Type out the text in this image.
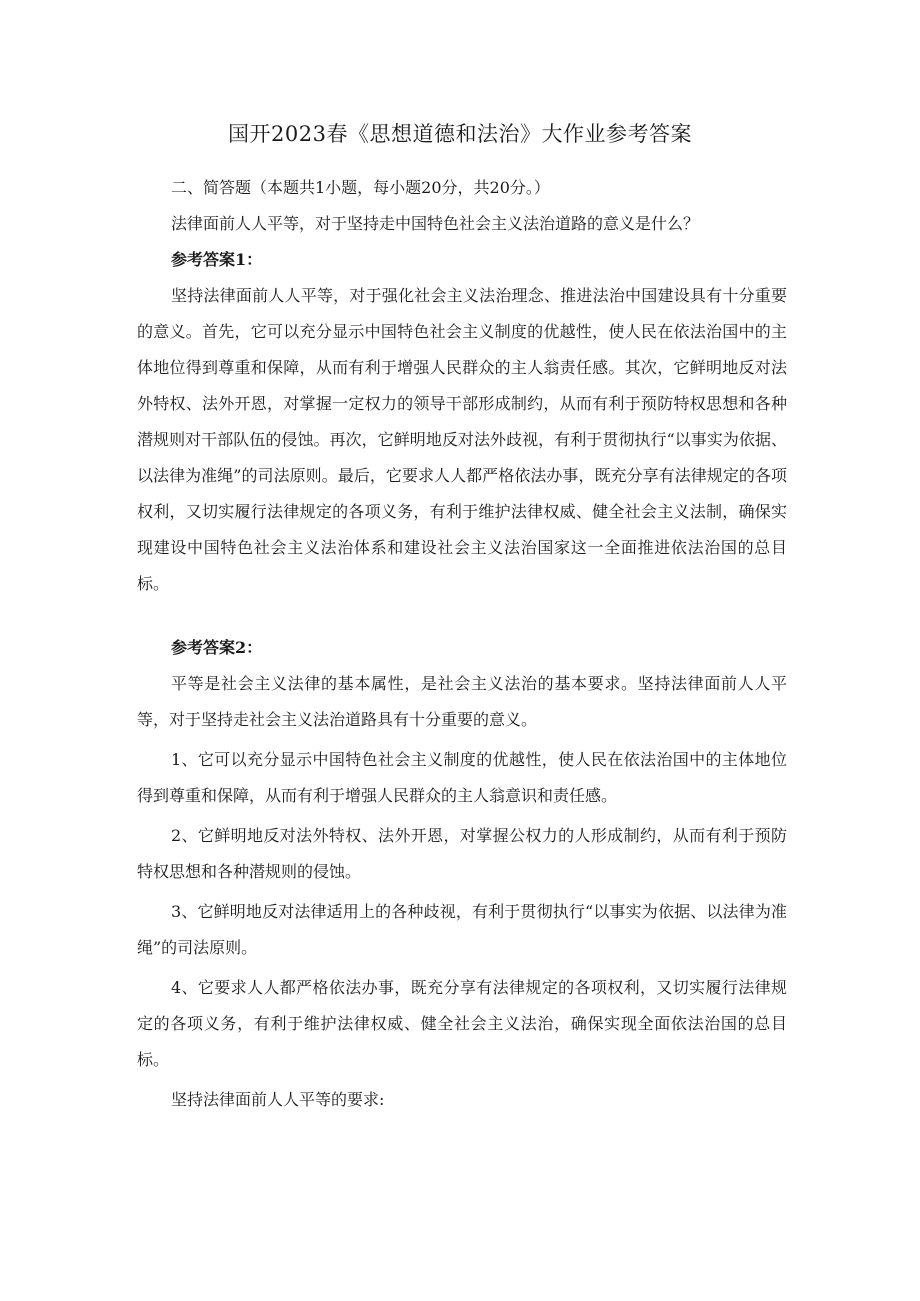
国开2023春《思想道德和法治》大作业参考答案

二、简答题（本题共1小题，每小题20分，共20分。）

法律面前人人平等，对于坚持走中国特色社会主义法治道路的意义是什么？

参考答案1：

坚持法律面前人人平等，对于强化社会主义法治理念、推进法治中国建设具有十分重要的意义。首先，它可以充分显示中国特色社会主义制度的优越性，使人民在依法治国中的主体地位得到尊重和保障，从而有利于增强人民群众的主人翁责任感。其次，它鲜明地反对法外特权、法外开恩，对掌握一定权力的领导干部形成制约，从而有利于预防特权思想和各种潜规则对干部队伍的侵蚀。再次，它鲜明地反对法外歧视，有利于贯彻执行“以事实为依据、以法律为准绳”的司法原则。最后，它要求人人都严格依法办事，既充分享有法律规定的各项权利，又切实履行法律规定的各项义务，有利于维护法律权威、健全社会主义法制，确保实现建设中国特色社会主义法治体系和建设社会主义法治国家这一全面推进依法治国的总目标。

参考答案2：

平等是社会主义法律的基本属性，是社会主义法治的基本要求。坚持法律面前人人平等，对于坚持走社会主义法治道路具有十分重要的意义。

1、它可以充分显示中国特色社会主义制度的优越性，使人民在依法治国中的主体地位得到尊重和保障，从而有利于增强人民群众的主人翁意识和责任感。

2、它鲜明地反对法外特权、法外开恩，对掌握公权力的人形成制约，从而有利于预防特权思想和各种潜规则的侵蚀。

3、它鲜明地反对法律适用上的各种歧视，有利于贯彻执行“以事实为依据、以法律为准绳”的司法原则。

4、它要求人人都严格依法办事，既充分享有法律规定的各项权利，又切实履行法律规定的各项义务，有利于维护法律权威、健全社会主义法治，确保实现全面依法治国的总目标。

坚持法律面前人人平等的要求:
